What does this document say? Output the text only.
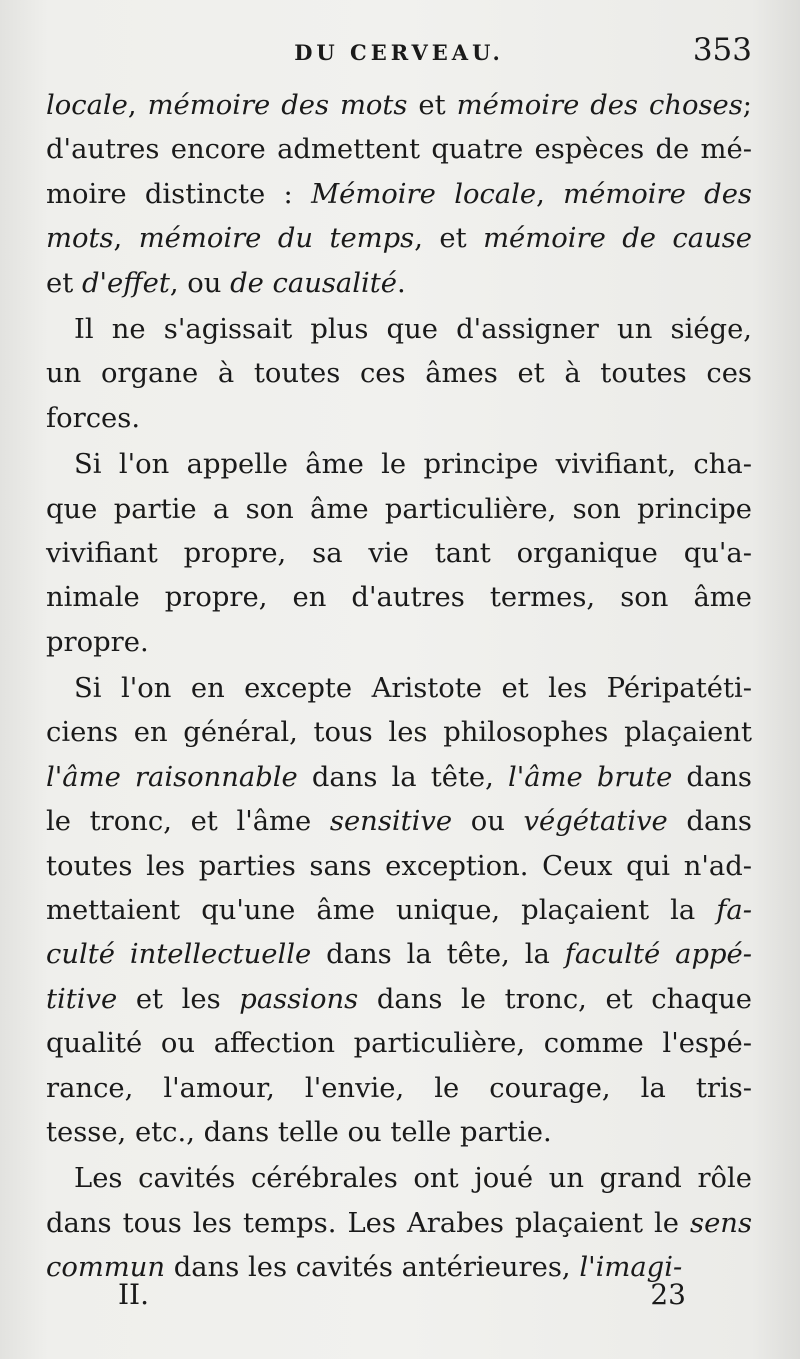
DU CERVEAU.	353
locale, mémoire des mots et mémoire des choses;
d'autres encore admettent quatre espèces de mé-
moire distincte : Mémoire locale, mémoire des
mots, mémoire du temps, et mémoire de cause
et d'effet, ou de causalité.
Il ne s'agissait plus que d'assigner un siége,
un organe à toutes ces âmes et à toutes ces
forces.
Si l'on appelle âme le principe vivifiant, cha-
que partie a son âme particulière, son principe
vivifiant propre, sa vie tant organique qu'a-
nimale propre, en d'autres termes, son âme
propre.
Si l'on en excepte Aristote et les Péripatéti-
ciens en général, tous les philosophes plaçaient
l'âme raisonnable dans la tête, l'âme brute dans
le tronc, et l'âme sensitive ou végétative dans
toutes les parties sans exception. Ceux qui n'ad-
mettaient qu'une âme unique, plaçaient la fa-
culté intellectuelle dans la tête, la faculté appé-
titive et les passions dans le tronc, et chaque
qualité ou affection particulière, comme l'espé-
rance, l'amour, l'envie, le courage, la tris-
tesse, etc., dans telle ou telle partie.
Les cavités cérébrales ont joué un grand rôle
dans tous les temps. Les Arabes plaçaient le sens
commun dans les cavités antérieures, l'imagi-
II.	23
